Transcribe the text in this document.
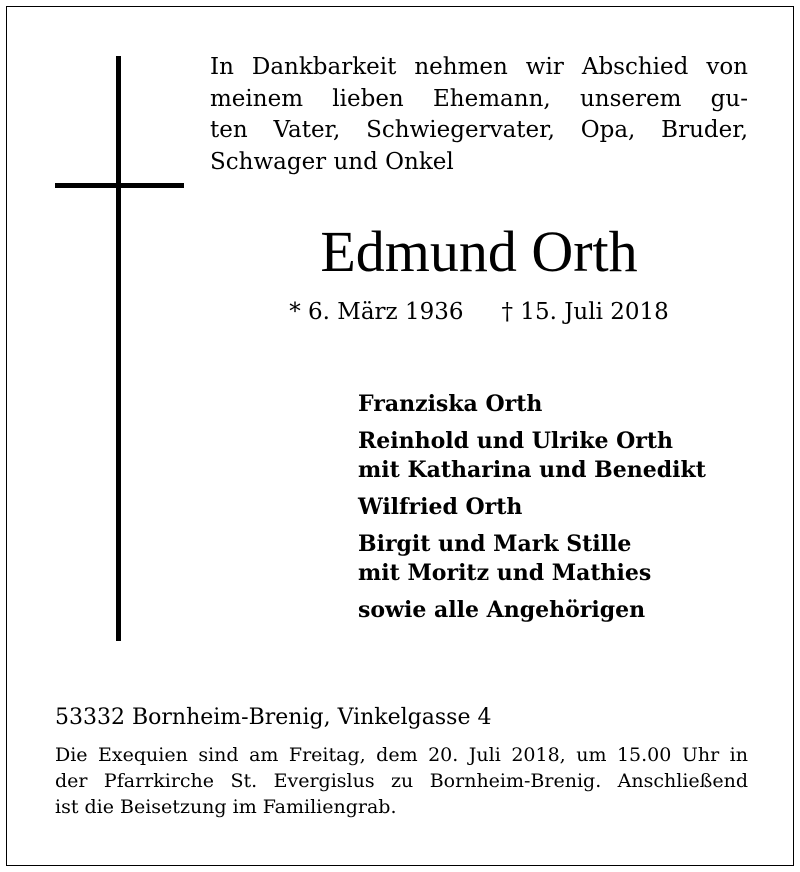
In Dankbarkeit nehmen wir Abschied von
meinem lieben Ehemann, unserem gu-
ten Vater, Schwiegervater, Opa, Bruder,
Schwager und Onkel
Edmund Orth
* 6. März 1936 † 15. Juli 2018
Franziska Orth
Reinhold und Ulrike Orth
mit Katharina und Benedikt
Wilfried Orth
Birgit und Mark Stille
mit Moritz und Mathies
sowie alle Angehörigen
53332 Bornheim-Brenig, Vinkelgasse 4
Die Exequien sind am Freitag, dem 20. Juli 2018, um 15.00 Uhr in
der Pfarrkirche St. Evergislus zu Bornheim-Brenig. Anschließend
ist die Beisetzung im Familiengrab.
